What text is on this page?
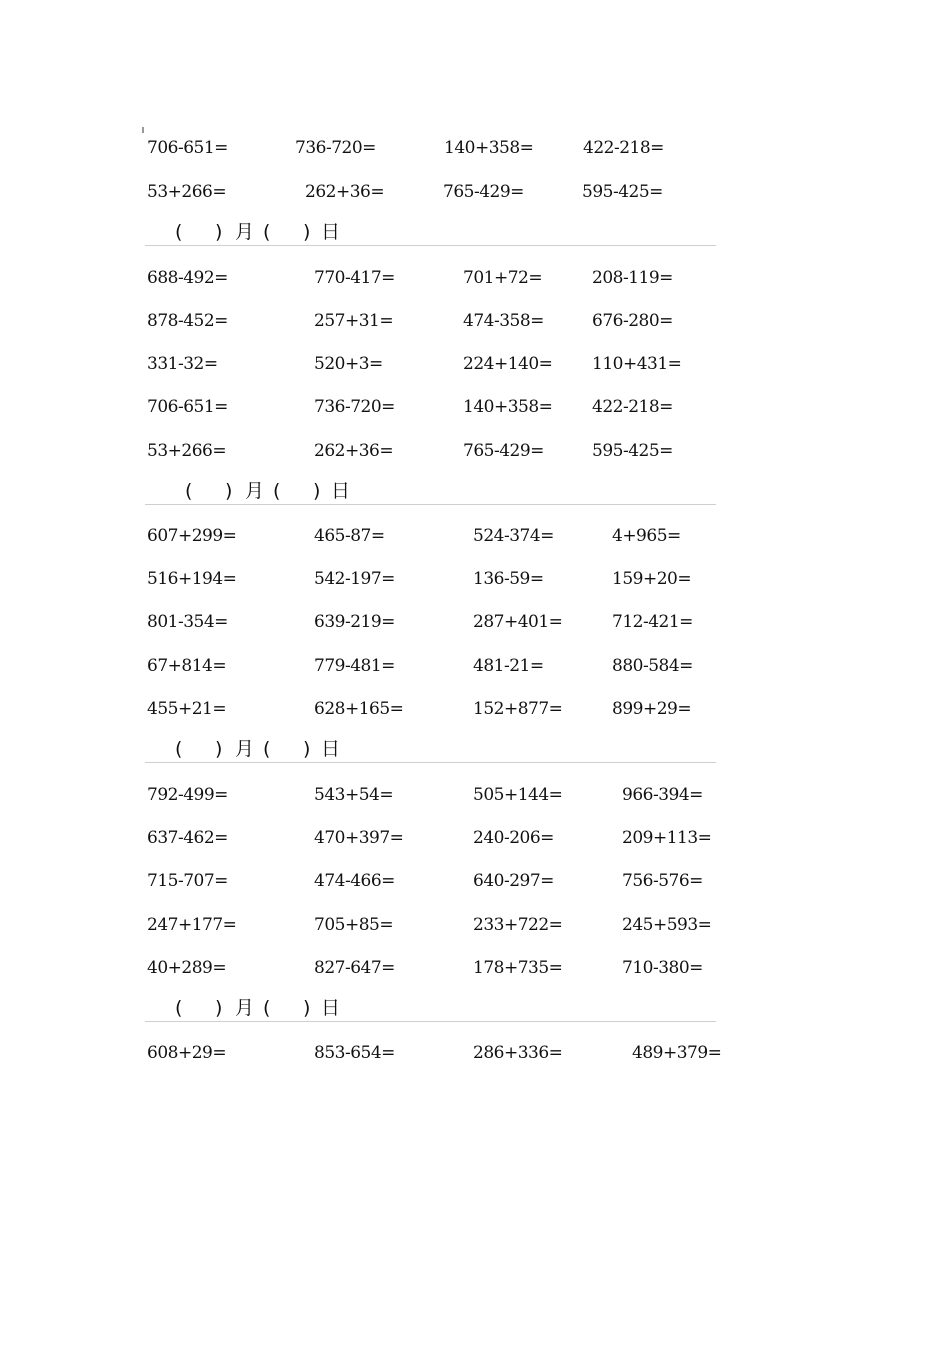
706-651=	736-720=	140+358=	422-218=
53+266=	262+36=	765-429=	595-425=
( ) 月 ( ) 日
688-492=	770-417=	701+72=	208-119=
878-452=	257+31=	474-358=	676-280=
331-32=	520+3=	224+140= 110+431=
706-651=	736-720=	140+358= 422-218=
53+266=	262+36=	765-429=	595-425=
( ) 月 ( ) 日
607+299=	465-87=	524-374=	4+965=
516+194=	542-197=	136-59=	159+20=
801-354=	639-219=	287+401=	712-421=
67+814=	779-481=	481-21=	880-584=
455+21=	628+165=	152+877=	899+29=
( ) 月 ( ) 日
792-499=	543+54=	505+144=	966-394=
637-462=	470+397=	240-206=	209+113=
715-707=	474-466=	640-297=	756-576=
247+177=	705+85=	233+722=	245+593=
40+289=	827-647=	178+735=	710-380=
( ) 月 ( ) 日
608+29=	853-654=	286+336=	489+379=
